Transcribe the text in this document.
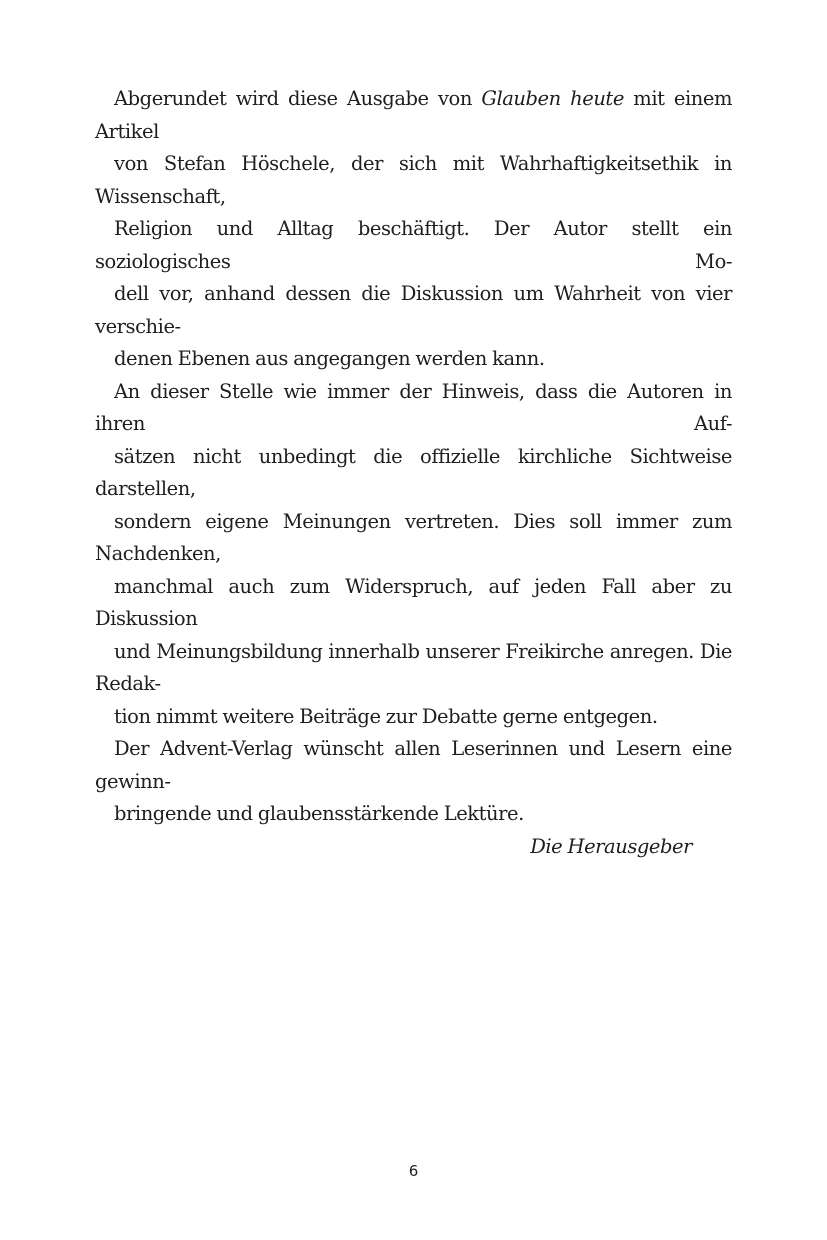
Abgerundet wird diese Ausgabe von Glauben heute mit einem Artikel
von Stefan Höschele, der sich mit Wahrhaftigkeitsethik in Wissenschaft,
Religion und Alltag beschäftigt. Der Autor stellt ein soziologisches Mo-
dell vor, anhand dessen die Diskussion um Wahrheit von vier verschie-
denen Ebenen aus angegangen werden kann.

An dieser Stelle wie immer der Hinweis, dass die Autoren in ihren Auf-
sätzen nicht unbedingt die offizielle kirchliche Sichtweise darstellen,
sondern eigene Meinungen vertreten. Dies soll immer zum Nachdenken,
manchmal auch zum Widerspruch, auf jeden Fall aber zu Diskussion
und Meinungsbildung innerhalb unserer Freikirche anregen. Die Redak-
tion nimmt weitere Beiträge zur Debatte gerne entgegen.

Der Advent-Verlag wünscht allen Leserinnen und Lesern eine gewinn-
bringende und glaubensstärkende Lektüre.

Die Herausgeber

6
